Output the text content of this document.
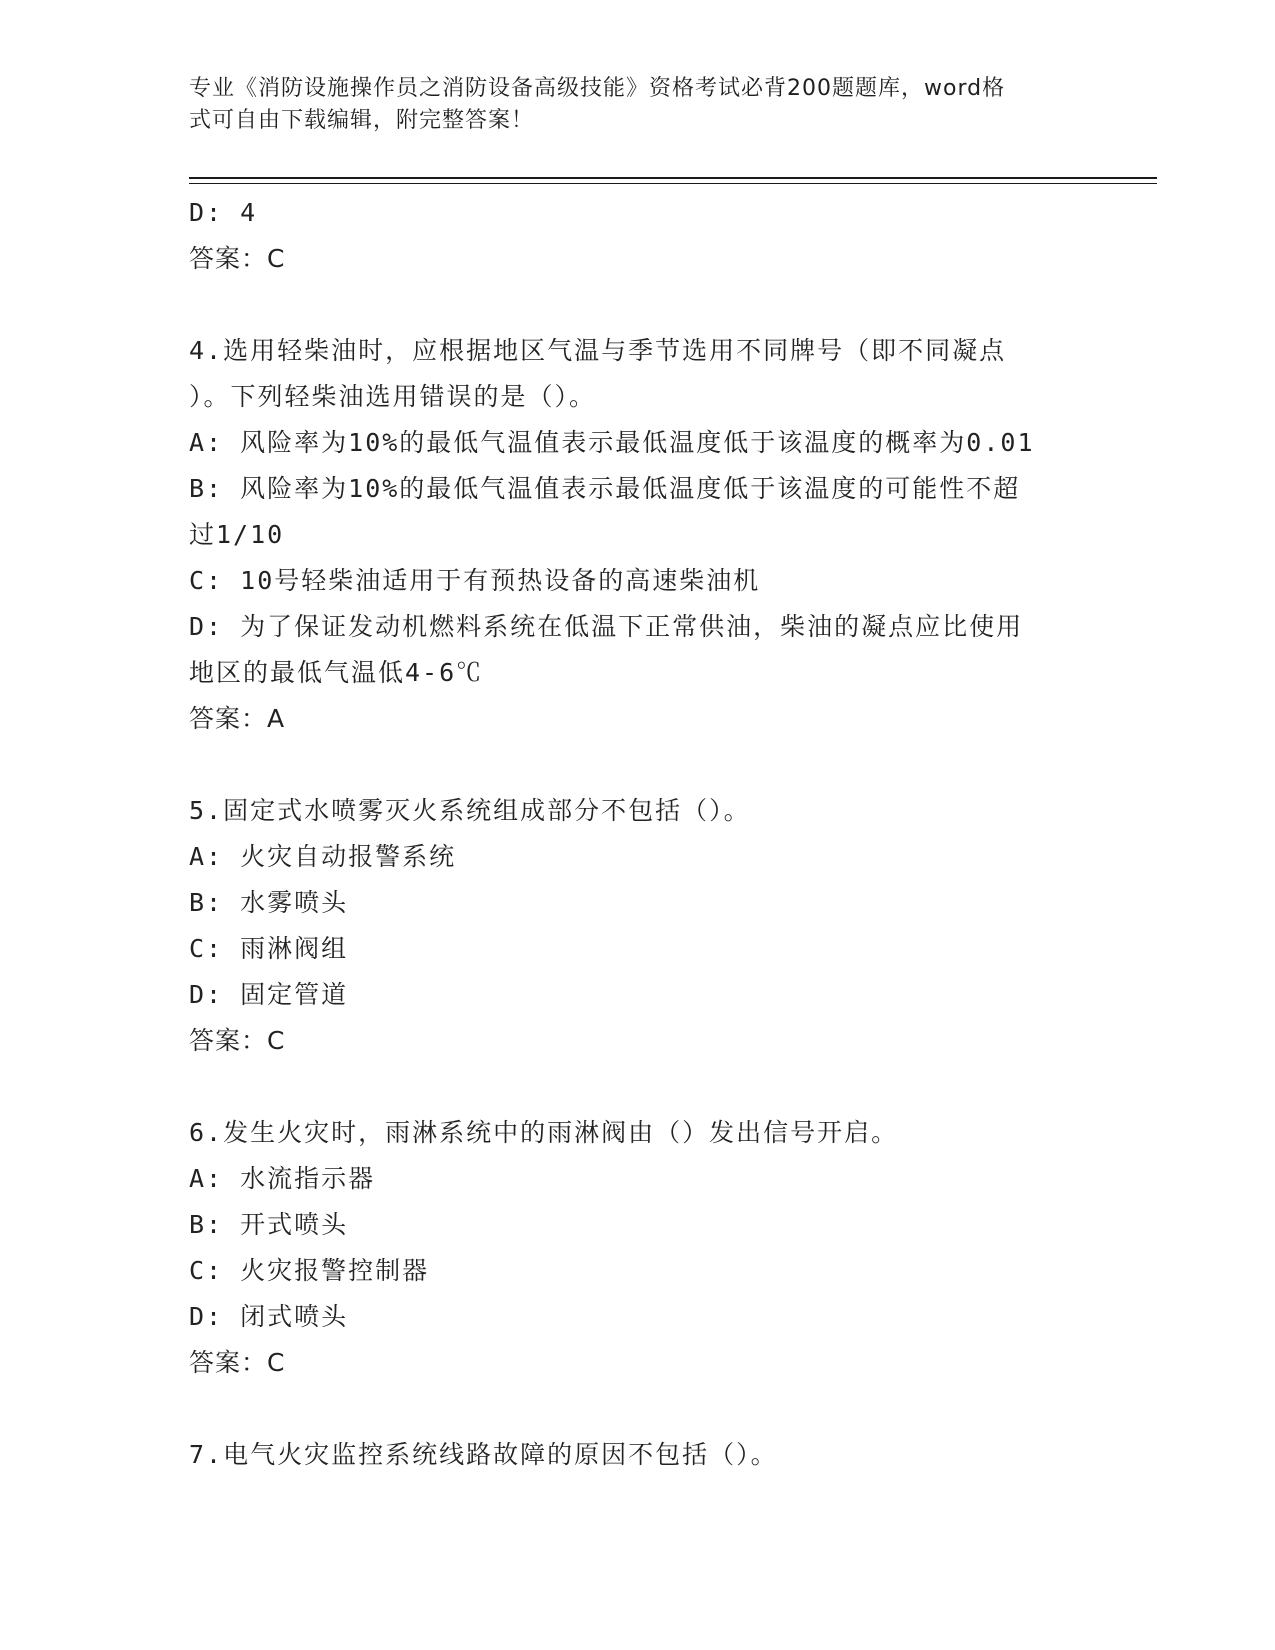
专业《消防设施操作员之消防设备高级技能》资格考试必背200题题库，word格
式可自由下载编辑，附完整答案！
D: 4
答案：C
4.选用轻柴油时，应根据地区气温与季节选用不同牌号（即不同凝点
）。下列轻柴油选用错误的是（）。
A: 风险率为10%的最低气温值表示最低温度低于该温度的概率为0.01
B: 风险率为10%的最低气温值表示最低温度低于该温度的可能性不超
过1/10
C: 10号轻柴油适用于有预热设备的高速柴油机
D: 为了保证发动机燃料系统在低温下正常供油，柴油的凝点应比使用
地区的最低气温低4-6℃
答案：A
5.固定式水喷雾灭火系统组成部分不包括（）。
A: 火灾自动报警系统
B: 水雾喷头
C: 雨淋阀组
D: 固定管道
答案：C
6.发生火灾时，雨淋系统中的雨淋阀由（）发出信号开启。
A: 水流指示器
B: 开式喷头
C: 火灾报警控制器
D: 闭式喷头
答案：C
7.电气火灾监控系统线路故障的原因不包括（）。
